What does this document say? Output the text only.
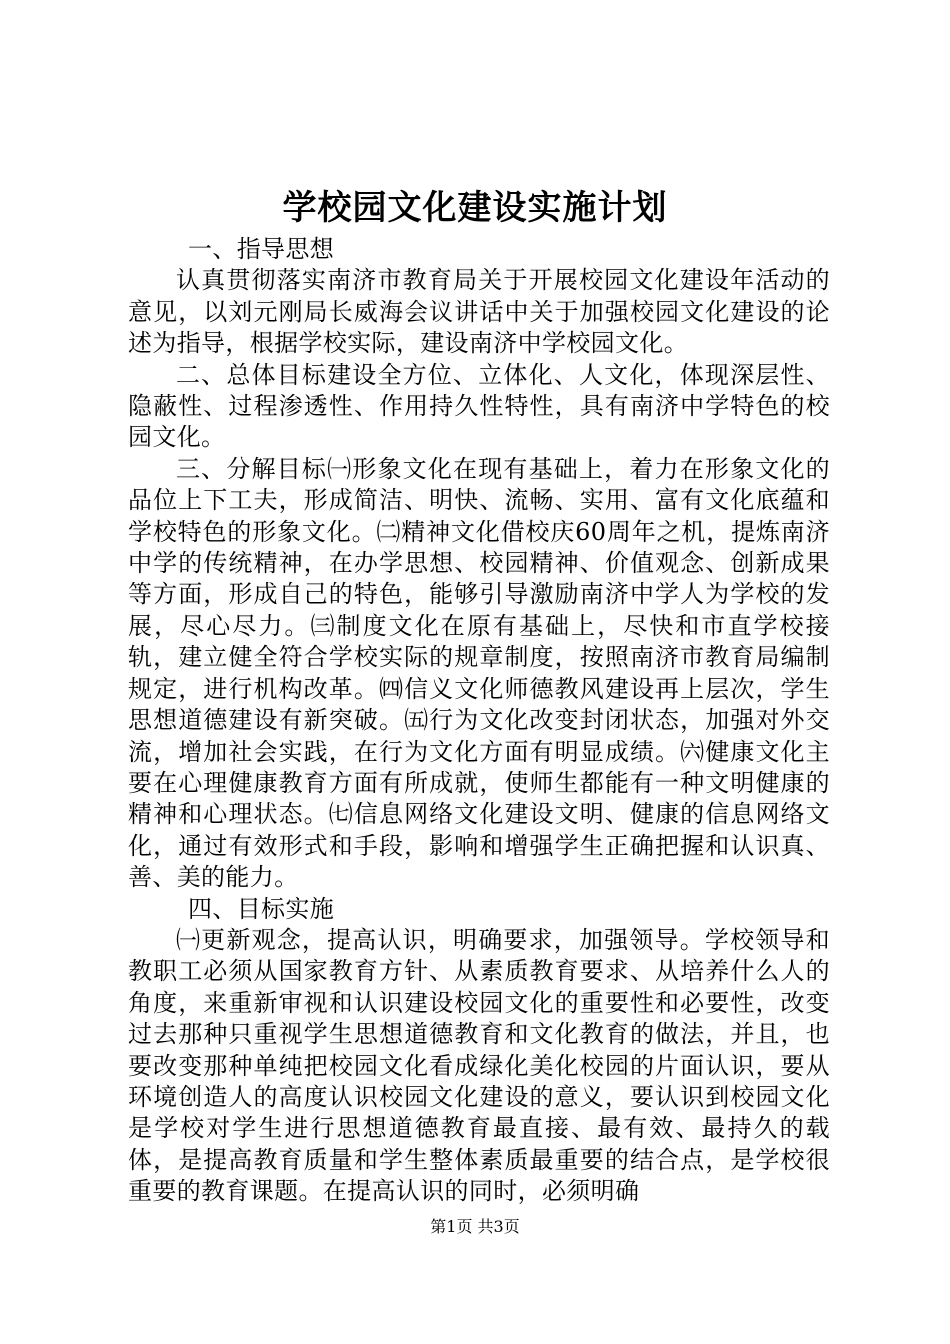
学校园文化建设实施计划

一、指导思想

认真贯彻落实南济市教育局关于开展校园文化建设年活动的意见，以刘元刚局长威海会议讲话中关于加强校园文化建设的论述为指导，根据学校实际，建设南济中学校园文化。

二、总体目标建设全方位、立体化、人文化，体现深层性、隐蔽性、过程渗透性、作用持久性特性，具有南济中学特色的校园文化。

三、分解目标㈠形象文化在现有基础上，着力在形象文化的品位上下工夫，形成简洁、明快、流畅、实用、富有文化底蕴和学校特色的形象文化。㈡精神文化借校庆60周年之机，提炼南济中学的传统精神，在办学思想、校园精神、价值观念、创新成果等方面，形成自己的特色，能够引导激励南济中学人为学校的发展，尽心尽力。㈢制度文化在原有基础上，尽快和市直学校接轨，建立健全符合学校实际的规章制度，按照南济市教育局编制规定，进行机构改革。㈣信义文化师德教风建设再上层次，学生思想道德建设有新突破。㈤行为文化改变封闭状态，加强对外交流，增加社会实践，在行为文化方面有明显成绩。㈥健康文化主要在心理健康教育方面有所成就，使师生都能有一种文明健康的精神和心理状态。㈦信息网络文化建设文明、健康的信息网络文化，通过有效形式和手段，影响和增强学生正确把握和认识真、善、美的能力。

四、目标实施

㈠更新观念，提高认识，明确要求，加强领导。学校领导和教职工必须从国家教育方针、从素质教育要求、从培养什么人的角度，来重新审视和认识建设校园文化的重要性和必要性，改变过去那种只重视学生思想道德教育和文化教育的做法，并且，也要改变那种单纯把校园文化看成绿化美化校园的片面认识，要从环境创造人的高度认识校园文化建设的意义，要认识到校园文化是学校对学生进行思想道德教育最直接、最有效、最持久的载体，是提高教育质量和学生整体素质最重要的结合点，是学校很重要的教育课题。在提高认识的同时，必须明确

第1页 共3页
